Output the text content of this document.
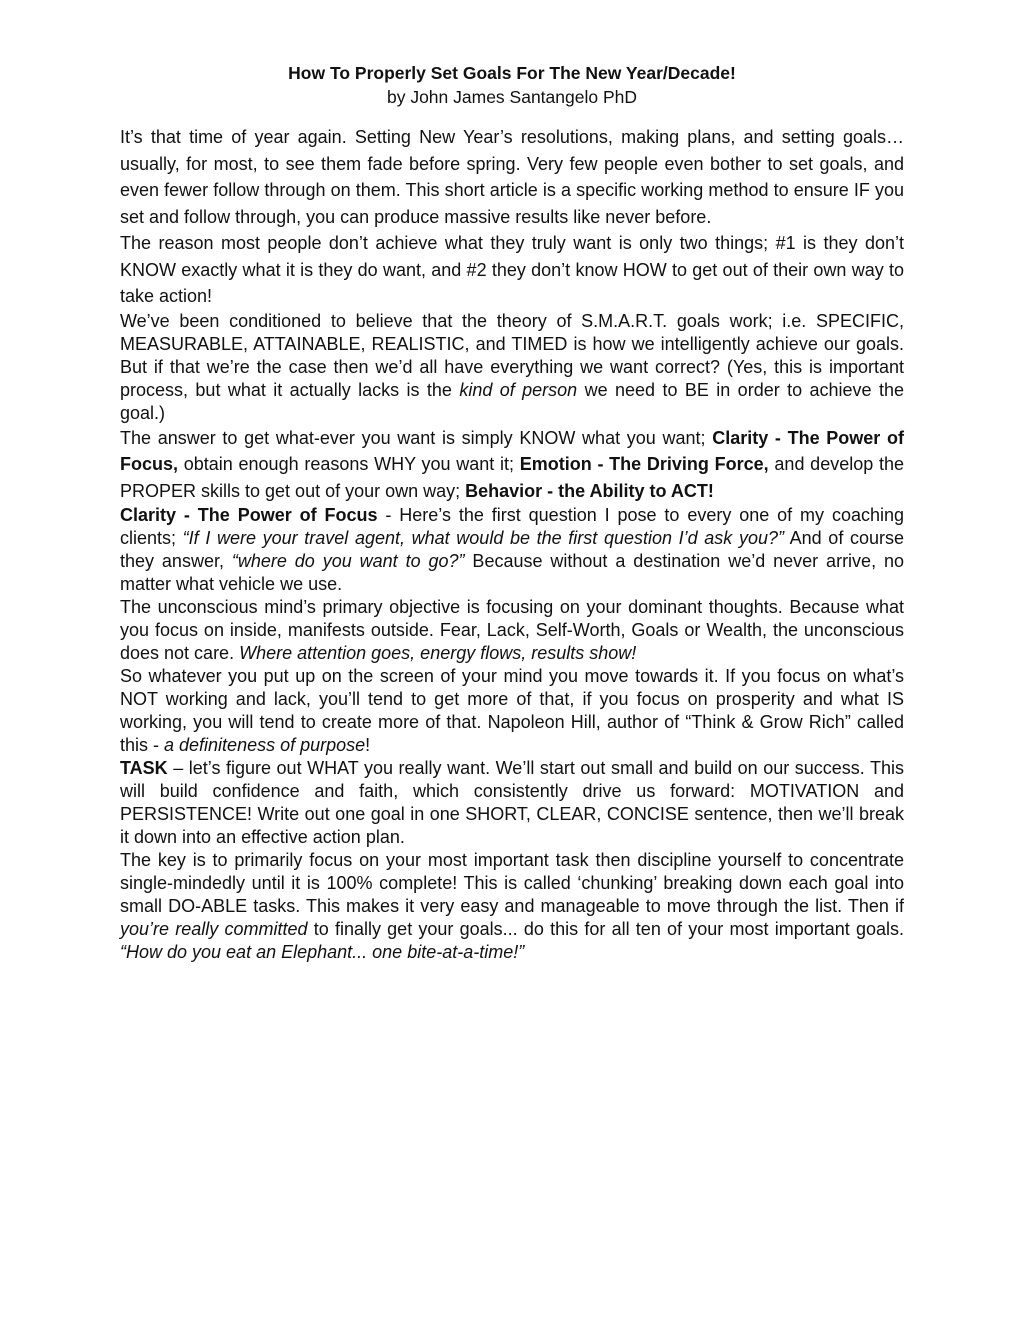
How To Properly Set Goals For The New Year/Decade!
by John James Santangelo PhD

It’s that time of year again. Setting New Year’s resolutions, making plans, and setting goals… usually, for most, to see them fade before spring. Very few people even bother to set goals, and even fewer follow through on them. This short article is a specific working method to ensure IF you set and follow through, you can produce massive results like never before.

The reason most people don’t achieve what they truly want is only two things; #1 is they don’t KNOW exactly what it is they do want, and #2 they don’t know HOW to get out of their own way to take action!

We’ve been conditioned to believe that the theory of S.M.A.R.T. goals work; i.e. SPECIFIC, MEASURABLE, ATTAINABLE, REALISTIC, and TIMED is how we intelligently achieve our goals. But if that we’re the case then we’d all have everything we want correct? (Yes, this is important process, but what it actually lacks is the kind of person we need to BE in order to achieve the goal.)

The answer to get what-ever you want is simply KNOW what you want; Clarity - The Power of Focus, obtain enough reasons WHY you want it; Emotion - The Driving Force, and develop the PROPER skills to get out of your own way; Behavior - the Ability to ACT!

Clarity - The Power of Focus - Here’s the first question I pose to every one of my coaching clients; “If I were your travel agent, what would be the first question I’d ask you?” And of course they answer, “where do you want to go?” Because without a destination we’d never arrive, no matter what vehicle we use.

The unconscious mind’s primary objective is focusing on your dominant thoughts. Because what you focus on inside, manifests outside. Fear, Lack, Self-Worth, Goals or Wealth, the unconscious does not care. Where attention goes, energy flows, results show!

So whatever you put up on the screen of your mind you move towards it. If you focus on what’s NOT working and lack, you’ll tend to get more of that, if you focus on prosperity and what IS working, you will tend to create more of that. Napoleon Hill, author of “Think & Grow Rich” called this - a definiteness of purpose!

TASK – let’s figure out WHAT you really want. We’ll start out small and build on our success. This will build confidence and faith, which consistently drive us forward: MOTIVATION and PERSISTENCE! Write out one goal in one SHORT, CLEAR, CONCISE sentence, then we’ll break it down into an effective action plan.

The key is to primarily focus on your most important task then discipline yourself to concentrate single-mindedly until it is 100% complete! This is called ‘chunking’ breaking down each goal into small DO-ABLE tasks. This makes it very easy and manageable to move through the list. Then if you’re really committed to finally get your goals... do this for all ten of your most important goals. “How do you eat an Elephant... one bite-at-a-time!”
